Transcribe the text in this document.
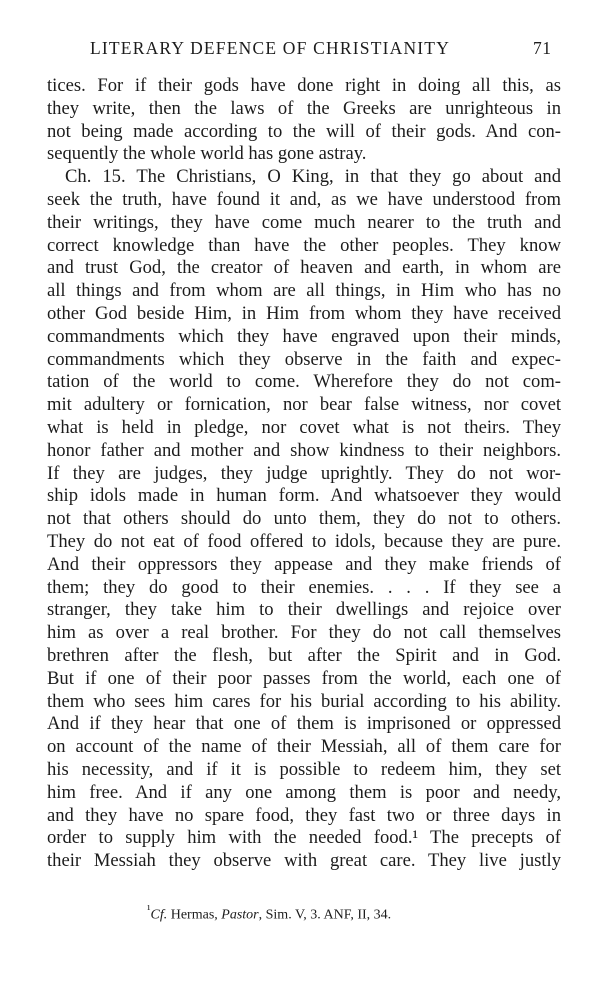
LITERARY DEFENCE OF CHRISTIANITY	71
tices. For if their gods have done right in doing all this, as
they write, then the laws of the Greeks are unrighteous in
not being made according to the will of their gods. And con-
sequently the whole world has gone astray.
Ch. 15. The Christians, O King, in that they go about and
seek the truth, have found it and, as we have understood from
their writings, they have come much nearer to the truth and
correct knowledge than have the other peoples. They know
and trust God, the creator of heaven and earth, in whom are
all things and from whom are all things, in Him who has no
other God beside Him, in Him from whom they have received
commandments which they have engraved upon their minds,
commandments which they observe in the faith and expec-
tation of the world to come. Wherefore they do not com-
mit adultery or fornication, nor bear false witness, nor covet
what is held in pledge, nor covet what is not theirs. They
honor father and mother and show kindness to their neighbors.
If they are judges, they judge uprightly. They do not wor-
ship idols made in human form. And whatsoever they would
not that others should do unto them, they do not to others.
They do not eat of food offered to idols, because they are pure.
And their oppressors they appease and they make friends of
them; they do good to their enemies. . . . If they see a
stranger, they take him to their dwellings and rejoice over
him as over a real brother. For they do not call themselves
brethren after the flesh, but after the Spirit and in God.
But if one of their poor passes from the world, each one of
them who sees him cares for his burial according to his ability.
And if they hear that one of them is imprisoned or oppressed
on account of the name of their Messiah, all of them care for
his necessity, and if it is possible to redeem him, they set
him free. And if any one among them is poor and needy,
and they have no spare food, they fast two or three days in
order to supply him with the needed food.¹ The precepts of
their Messiah they observe with great care. They live justly
$^{^1}$Cf. Hermas, Pastor, Sim. V, 3. ANF, II, 34.
